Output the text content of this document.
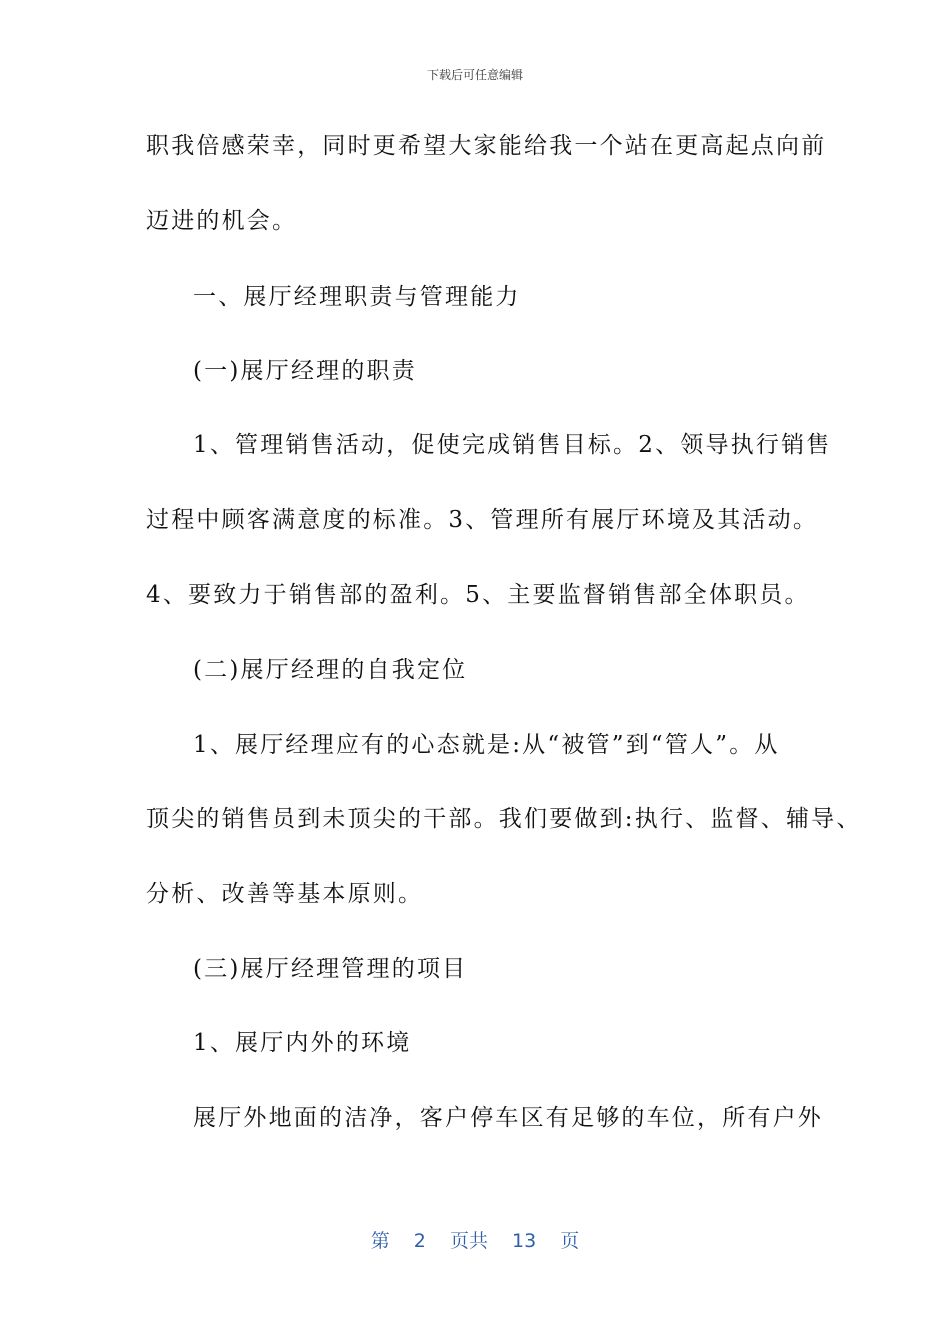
下载后可任意编辑
职我倍感荣幸，同时更希望大家能给我一个站在更高起点向前
迈进的机会。
一、展厅经理职责与管理能力
(一)展厅经理的职责
1、管理销售活动，促使完成销售目标。2、领导执行销售
过程中顾客满意度的标准。3、管理所有展厅环境及其活动。
4、要致力于销售部的盈利。5、主要监督销售部全体职员。
(二)展厅经理的自我定位
1、展厅经理应有的心态就是:从“被管”到“管人”。从
顶尖的销售员到未顶尖的干部。我们要做到:执行、监督、辅导、
分析、改善等基本原则。
(三)展厅经理管理的项目
1、展厅内外的环境
展厅外地面的洁净，客户停车区有足够的车位，所有户外
第 2 页共 13 页
